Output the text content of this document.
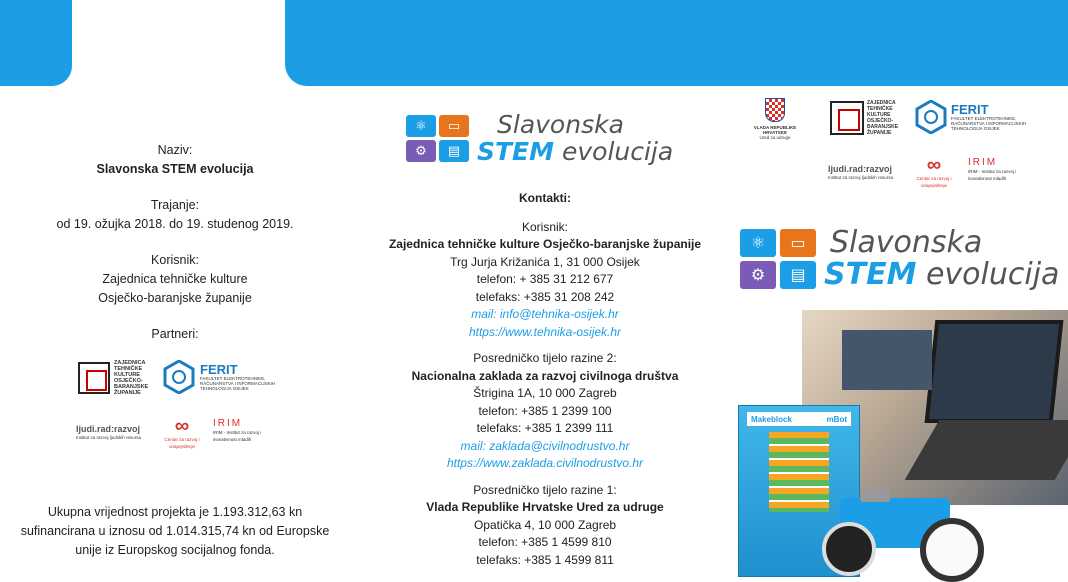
Naziv:

Slavonska STEM evolucija

Trajanje:

od 19. ožujka 2018. do 19. studenog 2019.

Korisnik:

Zajednica tehničke kulture

Osječko-baranjske županije

Partneri:

ZAJEDNICA TEHNIČKE KULTURE OSJEČKO-BARANJSKE ŽUPANIJE
FERIT
FAKULTET ELEKTROTEHNIKE, RAČUNARSTVA I INFORMACIJSKIH TEHNOLOGIJA OSIJEK
ljudi.rad:razvoj
Institut za razvoj ljudskih resursa
∞
Centar za razvoj i unaprjeđenje
IRIM
IRIM - Institut za razvoj i inovativnost mladih

Ukupna vrijednost projekta je 1.193.312,63 kn

sufinancirana u iznosu od 1.014.315,74 kn od Europske

unije iz Europskog socijalnog fonda.

⚛	▭
⚙	▤
Slavonska
STEM evolucija

Kontakti:

Korisnik:

Zajednica tehničke kulture Osječko-baranjske županije

Trg Jurja Križanića 1, 31 000 Osijek

telefon: + 385 31 212 677

telefaks: +385 31 208 242

mail: info@tehnika-osijek.hr

https://www.tehnika-osijek.hr

Posredničko tijelo razine 2:

Nacionalna zaklada za razvoj civilnoga društva

Štrigina 1A, 10 000 Zagreb

telefon: +385 1 2399 100

telefaks: +385 1 2399 111

mail: zaklada@civilnodrustvo.hr

https://www.zaklada.civilnodrustvo.hr

Posredničko tijelo razine 1:

Vlada Republike Hrvatske Ured za udruge

Opatička 4, 10 000 Zagreb

telefon: +385 1 4599 810

telefaks: +385 1 4599 811

VLADA REPUBLIKE HRVATSKE
Ured za udruge
ZAJEDNICA TEHNIČKE KULTURE OSJEČKO-BARANJSKE ŽUPANIJE
FERIT
FAKULTET ELEKTROTEHNIKE, RAČUNARSTVA I INFORMACIJSKIH TEHNOLOGIJA OSIJEK
ljudi.rad:razvoj
Institut za razvoj ljudskih resursa
∞
Centar za razvoj i unaprjeđenje
IRIM
IRIM - Institut za razvoj i inovativnost mladih
⚛	▭
⚙	▤
Slavonska
STEM evolucija
Makeblock	mBot
